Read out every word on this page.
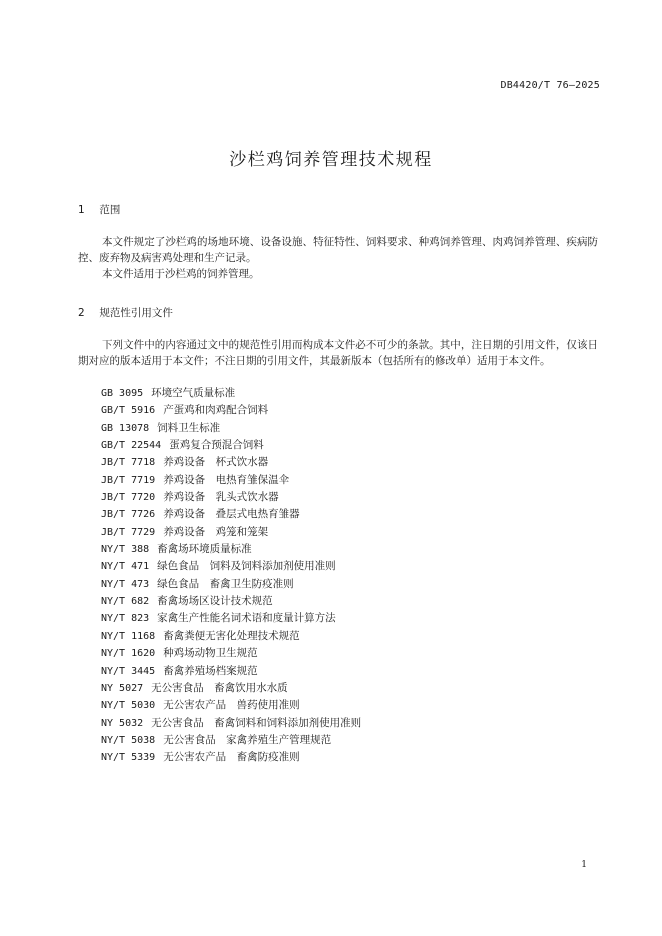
DB4420/T 76—2025
沙栏鸡饲养管理技术规程
1 范围

本文件规定了沙栏鸡的场地环境、设备设施、特征特性、饲料要求、种鸡饲养管理、肉鸡饲养管理、疾病防控、废弃物及病害鸡处理和生产记录。

本文件适用于沙栏鸡的饲养管理。

2 规范性引用文件

下列文件中的内容通过文中的规范性引用而构成本文件必不可少的条款。其中，注日期的引用文件，仅该日期对应的版本适用于本文件；不注日期的引用文件，其最新版本（包括所有的修改单）适用于本文件。

GB 3095 环境空气质量标准
GB/T 5916 产蛋鸡和肉鸡配合饲料
GB 13078 饲料卫生标准
GB/T 22544 蛋鸡复合预混合饲料
JB/T 7718 养鸡设备　杯式饮水器
JB/T 7719 养鸡设备　电热育雏保温伞
JB/T 7720 养鸡设备　乳头式饮水器
JB/T 7726 养鸡设备　叠层式电热育雏器
JB/T 7729 养鸡设备　鸡笼和笼架
NY/T 388 畜禽场环境质量标准
NY/T 471 绿色食品　饲料及饲料添加剂使用准则
NY/T 473 绿色食品　畜禽卫生防疫准则
NY/T 682 畜禽场场区设计技术规范
NY/T 823 家禽生产性能名词术语和度量计算方法
NY/T 1168 畜禽粪便无害化处理技术规范
NY/T 1620 种鸡场动物卫生规范
NY/T 3445 畜禽养殖场档案规范
NY 5027 无公害食品　畜禽饮用水水质
NY/T 5030 无公害农产品　兽药使用准则
NY 5032 无公害食品　畜禽饲料和饲料添加剂使用准则
NY/T 5038 无公害食品　家禽养殖生产管理规范
NY/T 5339 无公害农产品　畜禽防疫准则
1
